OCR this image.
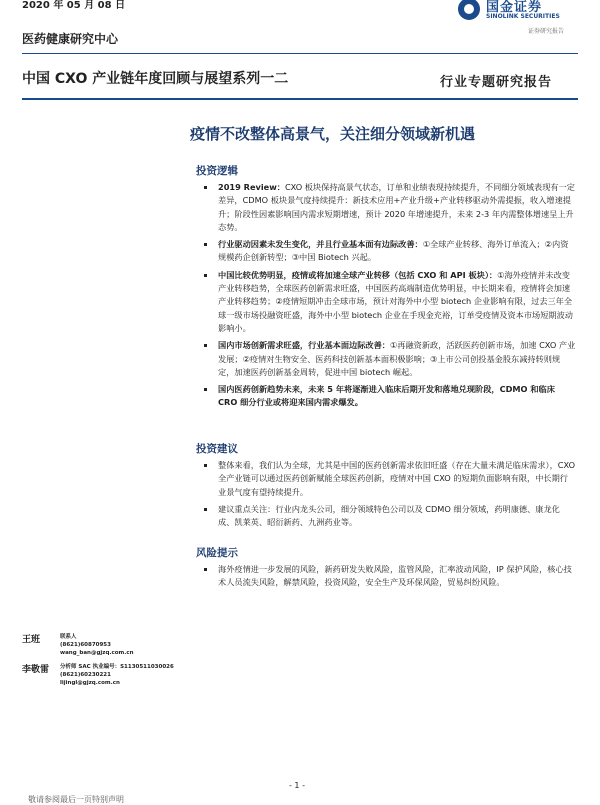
2020 年 05 月 08 日
医药健康研究中心
国金证券
SINOLINK SECURITIES
证券研究报告
中国 CXO 产业链年度回顾与展望系列一二	行业专题研究报告
疫情不改整体高景气，关注细分领域新机遇
投资逻辑
2019 Review：CXO 板块保持高景气状态，订单和业绩表现持续提升，不同细分领域表现有一定差异，CDMO 板块景气度持续提升：新技术应用+产业升级+产业转移驱动外需提振，收入增速提升；阶段性因素影响国内需求短期增速，预计 2020 年增速提升，未来 2-3 年内需整体增速呈上升态势。
行业驱动因素未发生变化，并且行业基本面有边际改善：①全球产业转移、海外订单流入；②内资规模药企创新转型；③中国 Biotech 兴起。
中国比较优势明显，疫情或将加速全球产业转移（包括 CXO 和 API 板块）：①海外疫情并未改变产业转移趋势，全球医药创新需求旺盛，中国医药高端制造优势明显，中长期来看，疫情将会加速产业转移趋势；②疫情短期冲击全球市场，预计对海外中小型 biotech 企业影响有限，过去三年全球一级市场投融资旺盛，海外中小型 biotech 企业在手现金充裕，订单受疫情及资本市场短期波动影响小。
国内市场创新需求旺盛，行业基本面边际改善：①再融资新政，活跃医药创新市场，加速 CXO 产业发展；②疫情对生物安全、医药科技创新基本面积极影响；③上市公司创投基金股东减持转则规定，加速医药创新基金周转，促进中国 biotech 崛起。
国内医药创新趋势未来，未来 5 年将逐渐进入临床后期开发和落地兑现阶段，CDMO 和临床 CRO 细分行业或将迎来国内需求爆发。
投资建议
整体来看，我们认为全球，尤其是中国的医药创新需求依旧旺盛（存在大量未满足临床需求），CXO 全产业链可以通过医药创新赋能全球医药创新，疫情对中国 CXO 的短期负面影响有限，中长期行业景气度有望持续提升。
建议重点关注：行业内龙头公司，细分领域特色公司以及 CDMO 细分领域，药明康德、康龙化成、凯莱英、昭衍新药、九洲药业等。
风险提示
海外疫情进一步发展的风险，新药研发失败风险，监管风险，汇率波动风险，IP 保护风险，核心技术人员流失风险，解禁风险，投资风险，安全生产及环保风险，贸易纠纷风险。
王班	联系人
(8621)60870953
wang_ban@gjzq.com.cn
李敬雷 分析师 SAC 执业编号：S1130511030026
(8621)60230221
lijingl@gjzq.com.cn
- 1 -
敬请参阅最后一页特别声明
